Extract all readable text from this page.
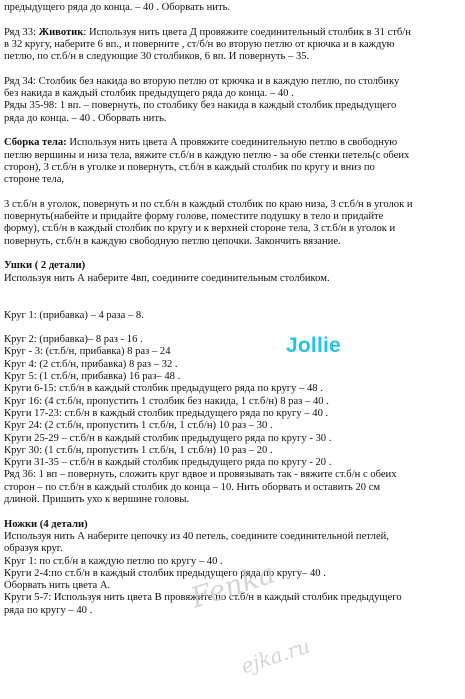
предыдущего ряда до конца. – 40 . Оборвать нить.
Ряд 33: Животик: Используя нить цвета Д провяжите соединительный столбик в 31 стб/н
в 32 кругу, наберите 6 вп., и поверните , ст/б/н во вторую петлю от крючка и в каждую
петлю, по ст.б/н в следующие 30 столбиков, 6 вп. И повернуть – 35.
Ряд 34: Столбик без накида во вторую петлю от крючка и в каждую петлю, по столбику
без накида в каждый столбик предыдущего ряда до конца. – 40 .
Ряды 35-98: 1 вп. – повернуть, по столбику без накида в каждый столбик предыдущего
ряда до конца. – 40 . Оборвать нить.
Сборка тела: Используя нить цвета А провяжите соединительную петлю в свободную
петлю вершины и низа тела, вяжите ст.б/н в каждую петлю - за обе стенки петель(с обеих
сторон), 3 ст.б/н в уголке и повернуть, ст.б/н в каждый столбик по кругу и вниз по
стороне тела,
3 ст.б/н в уголок, повернуть и по ст.б/н в каждый столбик по краю низа, 3 ст.б/н в уголок и
повернуть(набейте и придайте форму голове, поместите подушку в тело и придайте
форму), ст.б/н в каждый столбик по кругу и к верхней стороне тела, 3 ст.б/н в уголок и
повернуть, ст.б/н в каждую свободную петлю цепочки. Закончить вязание.
Ушки ( 2 детали)
Используя нить А наберите 4вп, соедините соединительным столбиком.
Круг 1: (прибавка) – 4 раза – 8.
Круг 2: (прибавка)– 8 раз - 16 .
Круг - 3: (ст.б/н, прибавка) 8 раз – 24
Круг 4: (2 ст.б/н, прибавка) 8 раз – 32 .
Круг 5: (1 ст.б/н, прибавка) 16 раз– 48 .
Круги 6-15: ст.б/н в каждый столбик предыдущего ряда по кругу – 48 .
Круг 16: (4 ст.б/н, пропустить 1 столбик без накида, 1 ст.б/н) 8 раз – 40 .
Круги 17-23: ст.б/н в каждый столбик предыдущего ряда по кругу – 40 .
Круг 24: (2 ст.б/н, пропустить 1 ст.б/н, 1 ст.б/н) 10 раз – 30 .
Круги 25-29 – ст.б/н в каждый столбик предыдущего ряда по кругу - 30 .
Круг 30: (1 ст.б/н, пропустить 1 ст.б/н, 1 ст.б/н) 10 раз – 20 .
Круги 31-35 – ст.б/н в каждый столбик предыдущего ряда по кругу - 20 .
Ряд 36: 1 вп – повернуть, сложить круг вдвое и провязывать так - вяжите ст.б/н с обеих
сторон – по ст.б/н в каждый столбик до конца – 10. Нить оборвать и оставить 20 см
длиной. Пришить ухо к вершине головы.
Ножки (4 детали)
Используя нить А наберите цепочку из 40 петель, соедините соединительной петлей,
образуя круг.
Круг 1: по ст.б/н в каждую петлю по кругу – 40 .
Круги 2-4:по ст.б/н в каждый столбик предыдущего ряда по кругу– 40 .
Оборвать нить цвета А.
Круги 5-7: Используя нить цвета В провяжите по ст.б/н в каждый столбик предыдущего
ряда по кругу – 40 .
Jollie
Fenka
ejka.ru
